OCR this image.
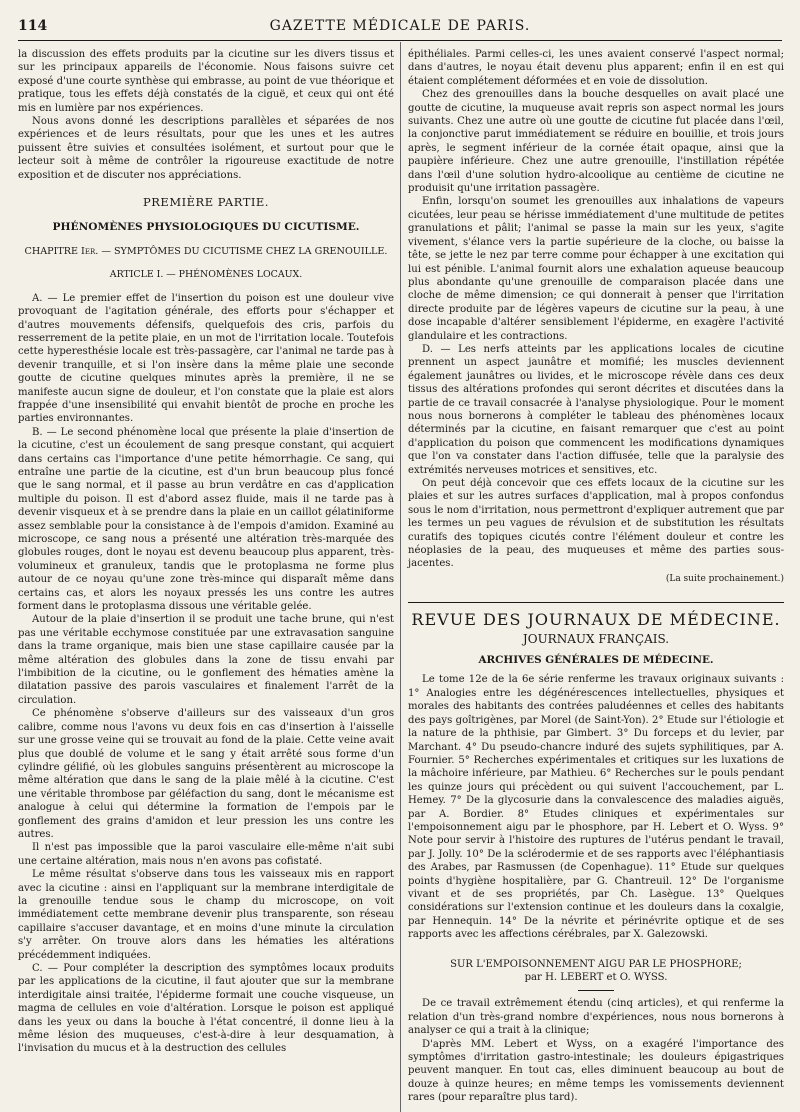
114	GAZETTE MÉDICALE DE PARIS.

la discussion des effets produits par la cicutine sur les divers tissus et sur les principaux appareils de l'économie. Nous faisons suivre cet exposé d'une courte synthèse qui embrasse, au point de vue théorique et pratique, tous les effets déjà constatés de la ciguë, et ceux qui ont été mis en lumière par nos expériences.

Nous avons donné les descriptions parallèles et séparées de nos expériences et de leurs résultats, pour que les unes et les autres puissent être suivies et consultées isolément, et surtout pour que le lecteur soit à même de contrôler la rigoureuse exactitude de notre exposition et de discuter nos appréciations.

PREMIÈRE PARTIE.

PHÉNOMÈNES PHYSIOLOGIQUES DU CICUTISME.

CHAPITRE Ier. — SYMPTÔMES DU CICUTISME CHEZ LA GRENOUILLE.

ARTICLE I. — PHÉNOMÈNES LOCAUX.

A. — Le premier effet de l'insertion du poison est une douleur vive provoquant de l'agitation générale, des efforts pour s'échapper et d'autres mouvements défensifs, quelquefois des cris, parfois du resserrement de la petite plaie, en un mot de l'irritation locale. Toutefois cette hyperesthésie locale est très-passagère, car l'animal ne tarde pas à devenir tranquille, et si l'on insère dans la même plaie une seconde goutte de cicutine quelques minutes après la première, il ne se manifeste aucun signe de douleur, et l'on constate que la plaie est alors frappée d'une insensibilité qui envahit bientôt de proche en proche les parties environnantes.

B. — Le second phénomène local que présente la plaie d'insertion de la cicutine, c'est un écoulement de sang presque constant, qui acquiert dans certains cas l'importance d'une petite hémorrhagie. Ce sang, qui entraîne une partie de la cicutine, est d'un brun beaucoup plus foncé que le sang normal, et il passe au brun verdâtre en cas d'application multiple du poison. Il est d'abord assez fluide, mais il ne tarde pas à devenir visqueux et à se prendre dans la plaie en un caillot gélatiniforme assez semblable pour la consistance à de l'empois d'amidon. Examiné au microscope, ce sang nous a présenté une altération très-marquée des globules rouges, dont le noyau est devenu beaucoup plus apparent, très-volumineux et granuleux, tandis que le protoplasma ne forme plus autour de ce noyau qu'une zone très-mince qui disparaît même dans certains cas, et alors les noyaux pressés les uns contre les autres forment dans le protoplasma dissous une véritable gelée.

Autour de la plaie d'insertion il se produit une tache brune, qui n'est pas une véritable ecchymose constituée par une extravasation sanguine dans la trame organique, mais bien une stase capillaire causée par la même altération des globules dans la zone de tissu envahi par l'imbibition de la cicutine, ou le gonflement des hématies amène la dilatation passive des parois vasculaires et finalement l'arrêt de la circulation.

Ce phénomène s'observe d'ailleurs sur des vaisseaux d'un gros calibre, comme nous l'avons vu deux fois en cas d'insertion à l'aisselle sur une grosse veine qui se trouvait au fond de la plaie. Cette veine avait plus que doublé de volume et le sang y était arrêté sous forme d'un cylindre gélifié, où les globules sanguins présentèrent au microscope la même altération que dans le sang de la plaie mêlé à la cicutine. C'est une véritable thrombose par géléfaction du sang, dont le mécanisme est analogue à celui qui détermine la formation de l'empois par le gonflement des grains d'amidon et leur pression les uns contre les autres.

Il n'est pas impossible que la paroi vasculaire elle-même n'ait subi une certaine altération, mais nous n'en avons pas cofistaté.

Le même résultat s'observe dans tous les vaisseaux mis en rapport avec la cicutine : ainsi en l'appliquant sur la membrane interdigitale de la grenouille tendue sous le champ du microscope, on voit immédiatement cette membrane devenir plus transparente, son réseau capillaire s'accuser davantage, et en moins d'une minute la circulation s'y arrêter. On trouve alors dans les hématies les altérations précédemment indiquées.

C. — Pour compléter la description des symptômes locaux produits par les applications de la cicutine, il faut ajouter que sur la membrane interdigitale ainsi traitée, l'épiderme formait une couche visqueuse, un magma de cellules en voie d'altération. Lorsque le poison est appliqué dans les yeux ou dans la bouche à l'état concentré, il donne lieu à la même lésion des muqueuses, c'est-à-dire à leur desquamation, à l'invisation du mucus et à la destruction des cellules

épithéliales. Parmi celles-ci, les unes avaient conservé l'aspect normal; dans d'autres, le noyau était devenu plus apparent; enfin il en est qui étaient complétement déformées et en voie de dissolution.

Chez des grenouilles dans la bouche desquelles on avait placé une goutte de cicutine, la muqueuse avait repris son aspect normal les jours suivants. Chez une autre où une goutte de cicutine fut placée dans l'œil, la conjonctive parut immédiatement se réduire en bouillie, et trois jours après, le segment inférieur de la cornée était opaque, ainsi que la paupière inférieure. Chez une autre grenouille, l'instillation répétée dans l'œil d'une solution hydro-alcoolique au centième de cicutine ne produisit qu'une irritation passagère.

Enfin, lorsqu'on soumet les grenouilles aux inhalations de vapeurs cicutées, leur peau se hérisse immédiatement d'une multitude de petites granulations et pâlit; l'animal se passe la main sur les yeux, s'agite vivement, s'élance vers la partie supérieure de la cloche, ou baisse la tête, se jette le nez par terre comme pour échapper à une excitation qui lui est pénible. L'animal fournit alors une exhalation aqueuse beaucoup plus abondante qu'une grenouille de comparaison placée dans une cloche de même dimension; ce qui donnerait à penser que l'irritation directe produite par de légères vapeurs de cicutine sur la peau, à une dose incapable d'altérer sensiblement l'épiderme, en exagère l'activité glandulaire et les contractions.

D. — Les nerfs atteints par les applications locales de cicutine prennent un aspect jaunâtre et momifié; les muscles deviennent également jaunâtres ou livides, et le microscope révèle dans ces deux tissus des altérations profondes qui seront décrites et discutées dans la partie de ce travail consacrée à l'analyse physiologique. Pour le moment nous nous bornerons à compléter le tableau des phénomènes locaux déterminés par la cicutine, en faisant remarquer que c'est au point d'application du poison que commencent les modifications dynamiques que l'on va constater dans l'action diffusée, telle que la paralysie des extrémités nerveuses motrices et sensitives, etc.

On peut déjà concevoir que ces effets locaux de la cicutine sur les plaies et sur les autres surfaces d'application, mal à propos confondus sous le nom d'irritation, nous permettront d'expliquer autrement que par les termes un peu vagues de révulsion et de substitution les résultats curatifs des topiques cicutés contre l'élément douleur et contre les néoplasies de la peau, des muqueuses et même des parties sous-jacentes.

(La suite prochainement.)

REVUE DES JOURNAUX DE MÉDECINE.

JOURNAUX FRANÇAIS.

ARCHIVES GÉNÉRALES DE MÉDECINE.

Le tome 12e de la 6e série renferme les travaux originaux suivants : 1° Analogies entre les dégénérescences intellectuelles, physiques et morales des habitants des contrées paludéennes et celles des habitants des pays goîtrigènes, par Morel (de Saint-Yon). 2° Etude sur l'étiologie et la nature de la phthisie, par Gimbert. 3° Du forceps et du levier, par Marchant. 4° Du pseudo-chancre induré des sujets syphilitiques, par A. Fournier. 5° Recherches expérimentales et critiques sur les luxations de la mâchoire inférieure, par Mathieu. 6° Recherches sur le pouls pendant les quinze jours qui précèdent ou qui suivent l'accouchement, par L. Hemey. 7° De la glycosurie dans la convalescence des maladies aiguës, par A. Bordier. 8° Etudes cliniques et expérimentales sur l'empoisonnement aigu par le phosphore, par H. Lebert et O. Wyss. 9° Note pour servir à l'histoire des ruptures de l'utérus pendant le travail, par J. Jolly. 10° De la sclérodermie et de ses rapports avec l'éléphantiasis des Arabes, par Rasmussen (de Copenhague). 11° Etude sur quelques points d'hygiène hospitalière, par G. Chantreuil. 12° De l'organisme vivant et de ses propriétés, par Ch. Lasègue. 13° Quelques considérations sur l'extension continue et les douleurs dans la coxalgie, par Hennequin. 14° De la névrite et périnévrite optique et de ses rapports avec les affections cérébrales, par X. Galezowski.

SUR L'EMPOISONNEMENT AIGU PAR LE PHOSPHORE;

par H. LEBERT et O. WYSS.

De ce travail extrêmement étendu (cinq articles), et qui renferme la relation d'un très-grand nombre d'expériences, nous nous bornerons à analyser ce qui a trait à la clinique;

D'après MM. Lebert et Wyss, on a exagéré l'importance des symptômes d'irritation gastro-intestinale; les douleurs épigastriques peuvent manquer. En tout cas, elles diminuent beaucoup au bout de douze à quinze heures; en même temps les vomissements deviennent rares (pour reparaître plus tard).
